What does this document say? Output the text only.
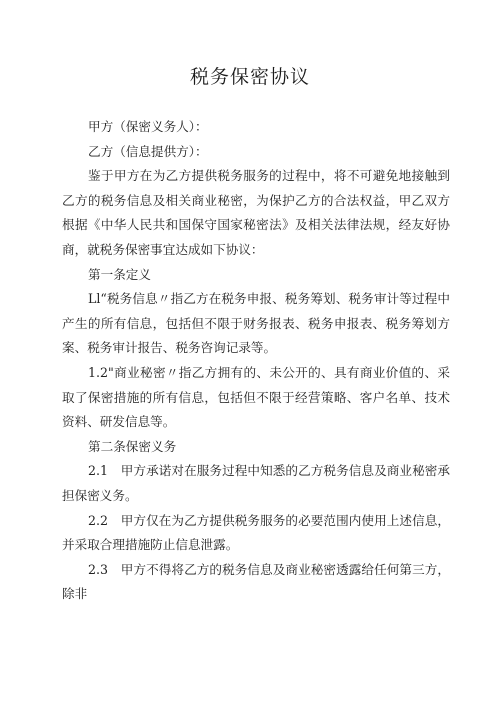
税务保密协议

甲方（保密义务人）：

乙方（信息提供方）：

鉴于甲方在为乙方提供税务服务的过程中，将不可避免地接触到乙方的税务信息及相关商业秘密，为保护乙方的合法权益，甲乙双方根据《中华人民共和国保守国家秘密法》及相关法律法规，经友好协商，就税务保密事宜达成如下协议：

第一条定义

Ll“税务信息〃指乙方在税务申报、税务筹划、税务审计等过程中产生的所有信息，包括但不限于财务报表、税务申报表、税务筹划方案、税务审计报告、税务咨询记录等。

1.2"商业秘密〃指乙方拥有的、未公开的、具有商业价值的、采取了保密措施的所有信息，包括但不限于经营策略、客户名单、技术资料、研发信息等。

第二条保密义务

2.1　甲方承诺对在服务过程中知悉的乙方税务信息及商业秘密承担保密义务。

2.2　甲方仅在为乙方提供税务服务的必要范围内使用上述信息，并采取合理措施防止信息泄露。

2.3　甲方不得将乙方的税务信息及商业秘密透露给任何第三方，除非
